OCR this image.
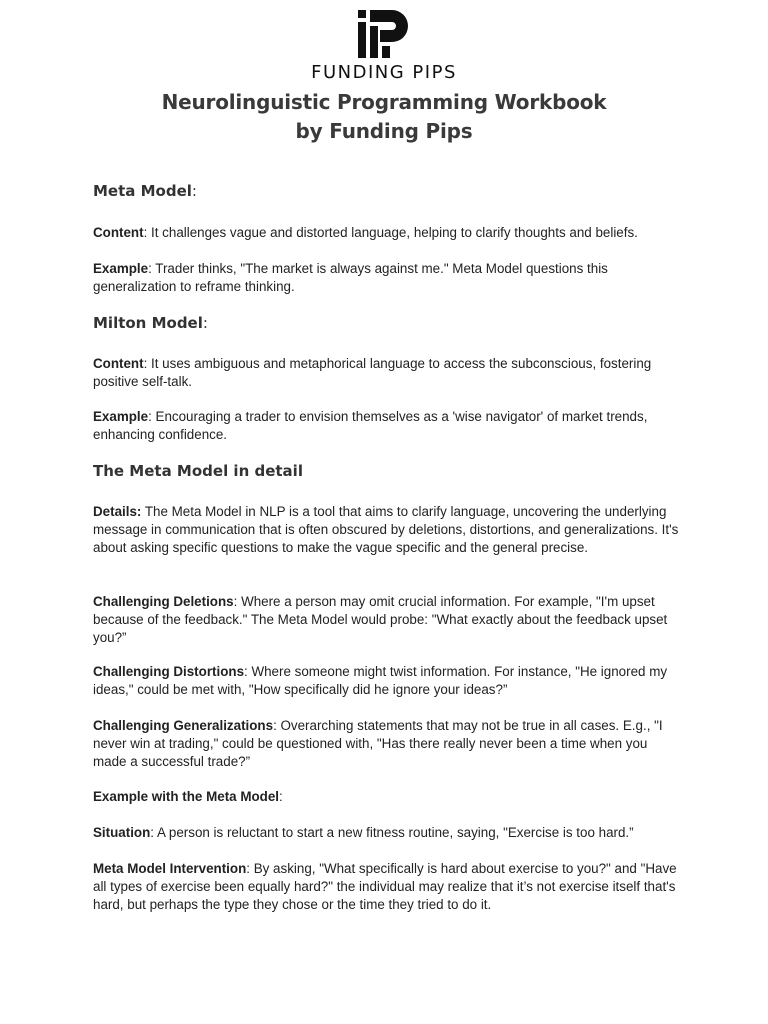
FUNDING PIPS
Neurolinguistic Programming Workbook
by Funding Pips

Meta Model:

Content: It challenges vague and distorted language, helping to clarify thoughts and beliefs.

Example: Trader thinks, "The market is always against me." Meta Model questions this generalization to reframe thinking.

Milton Model:

Content: It uses ambiguous and metaphorical language to access the subconscious, fostering positive self-talk.

Example: Encouraging a trader to envision themselves as a 'wise navigator' of market trends, enhancing confidence.

The Meta Model in detail

Details: The Meta Model in NLP is a tool that aims to clarify language, uncovering the underlying message in communication that is often obscured by deletions, distortions, and generalizations. It's about asking specific questions to make the vague specific and the general precise.

Challenging Deletions: Where a person may omit crucial information. For example, "I'm upset because of the feedback." The Meta Model would probe: "What exactly about the feedback upset you?”

Challenging Distortions: Where someone might twist information. For instance, "He ignored my ideas," could be met with, "How specifically did he ignore your ideas?”

Challenging Generalizations: Overarching statements that may not be true in all cases. E.g., "I never win at trading," could be questioned with, "Has there really never been a time when you made a successful trade?”

Example with the Meta Model:

Situation: A person is reluctant to start a new fitness routine, saying, "Exercise is too hard.”

Meta Model Intervention: By asking, "What specifically is hard about exercise to you?" and "Have all types of exercise been equally hard?" the individual may realize that it’s not exercise itself that's hard, but perhaps the type they chose or the time they tried to do it.
